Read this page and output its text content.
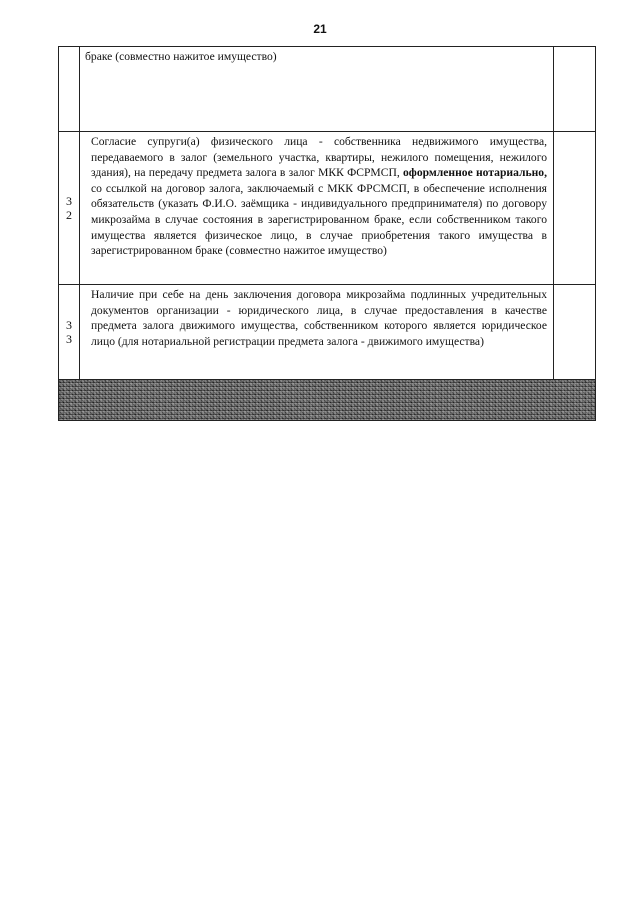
21
	браке (совместно нажитое имущество)	

3
2	Согласие супруги(а) физического лица - собственника недвижимого имущества, передаваемого в залог (земельного участка, квартиры, нежилого помещения, нежилого здания), на передачу предмета залога в залог МКК ФСРМСП, оформленное нотариально, со ссылкой на договор залога, заключаемый с МКК ФРСМСП, в обеспечение исполнения обязательств (указать Ф.И.О. заёмщика - индивидуального предпринимателя) по договору микрозайма в случае состояния в зарегистрированном браке, если собственником такого имущества является физическое лицо, в случае приобретения такого имущества в зарегистрированном браке (совместно нажитое имущество)	

3
3	Наличие при себе на день заключения договора микрозайма подлинных учредительных документов организации - юридического лица, в случае предоставления в качестве предмета залога движимого имущества, собственником которого является юридическое лицо (для нотариальной регистрации предмета залога - движимого имущества)	
